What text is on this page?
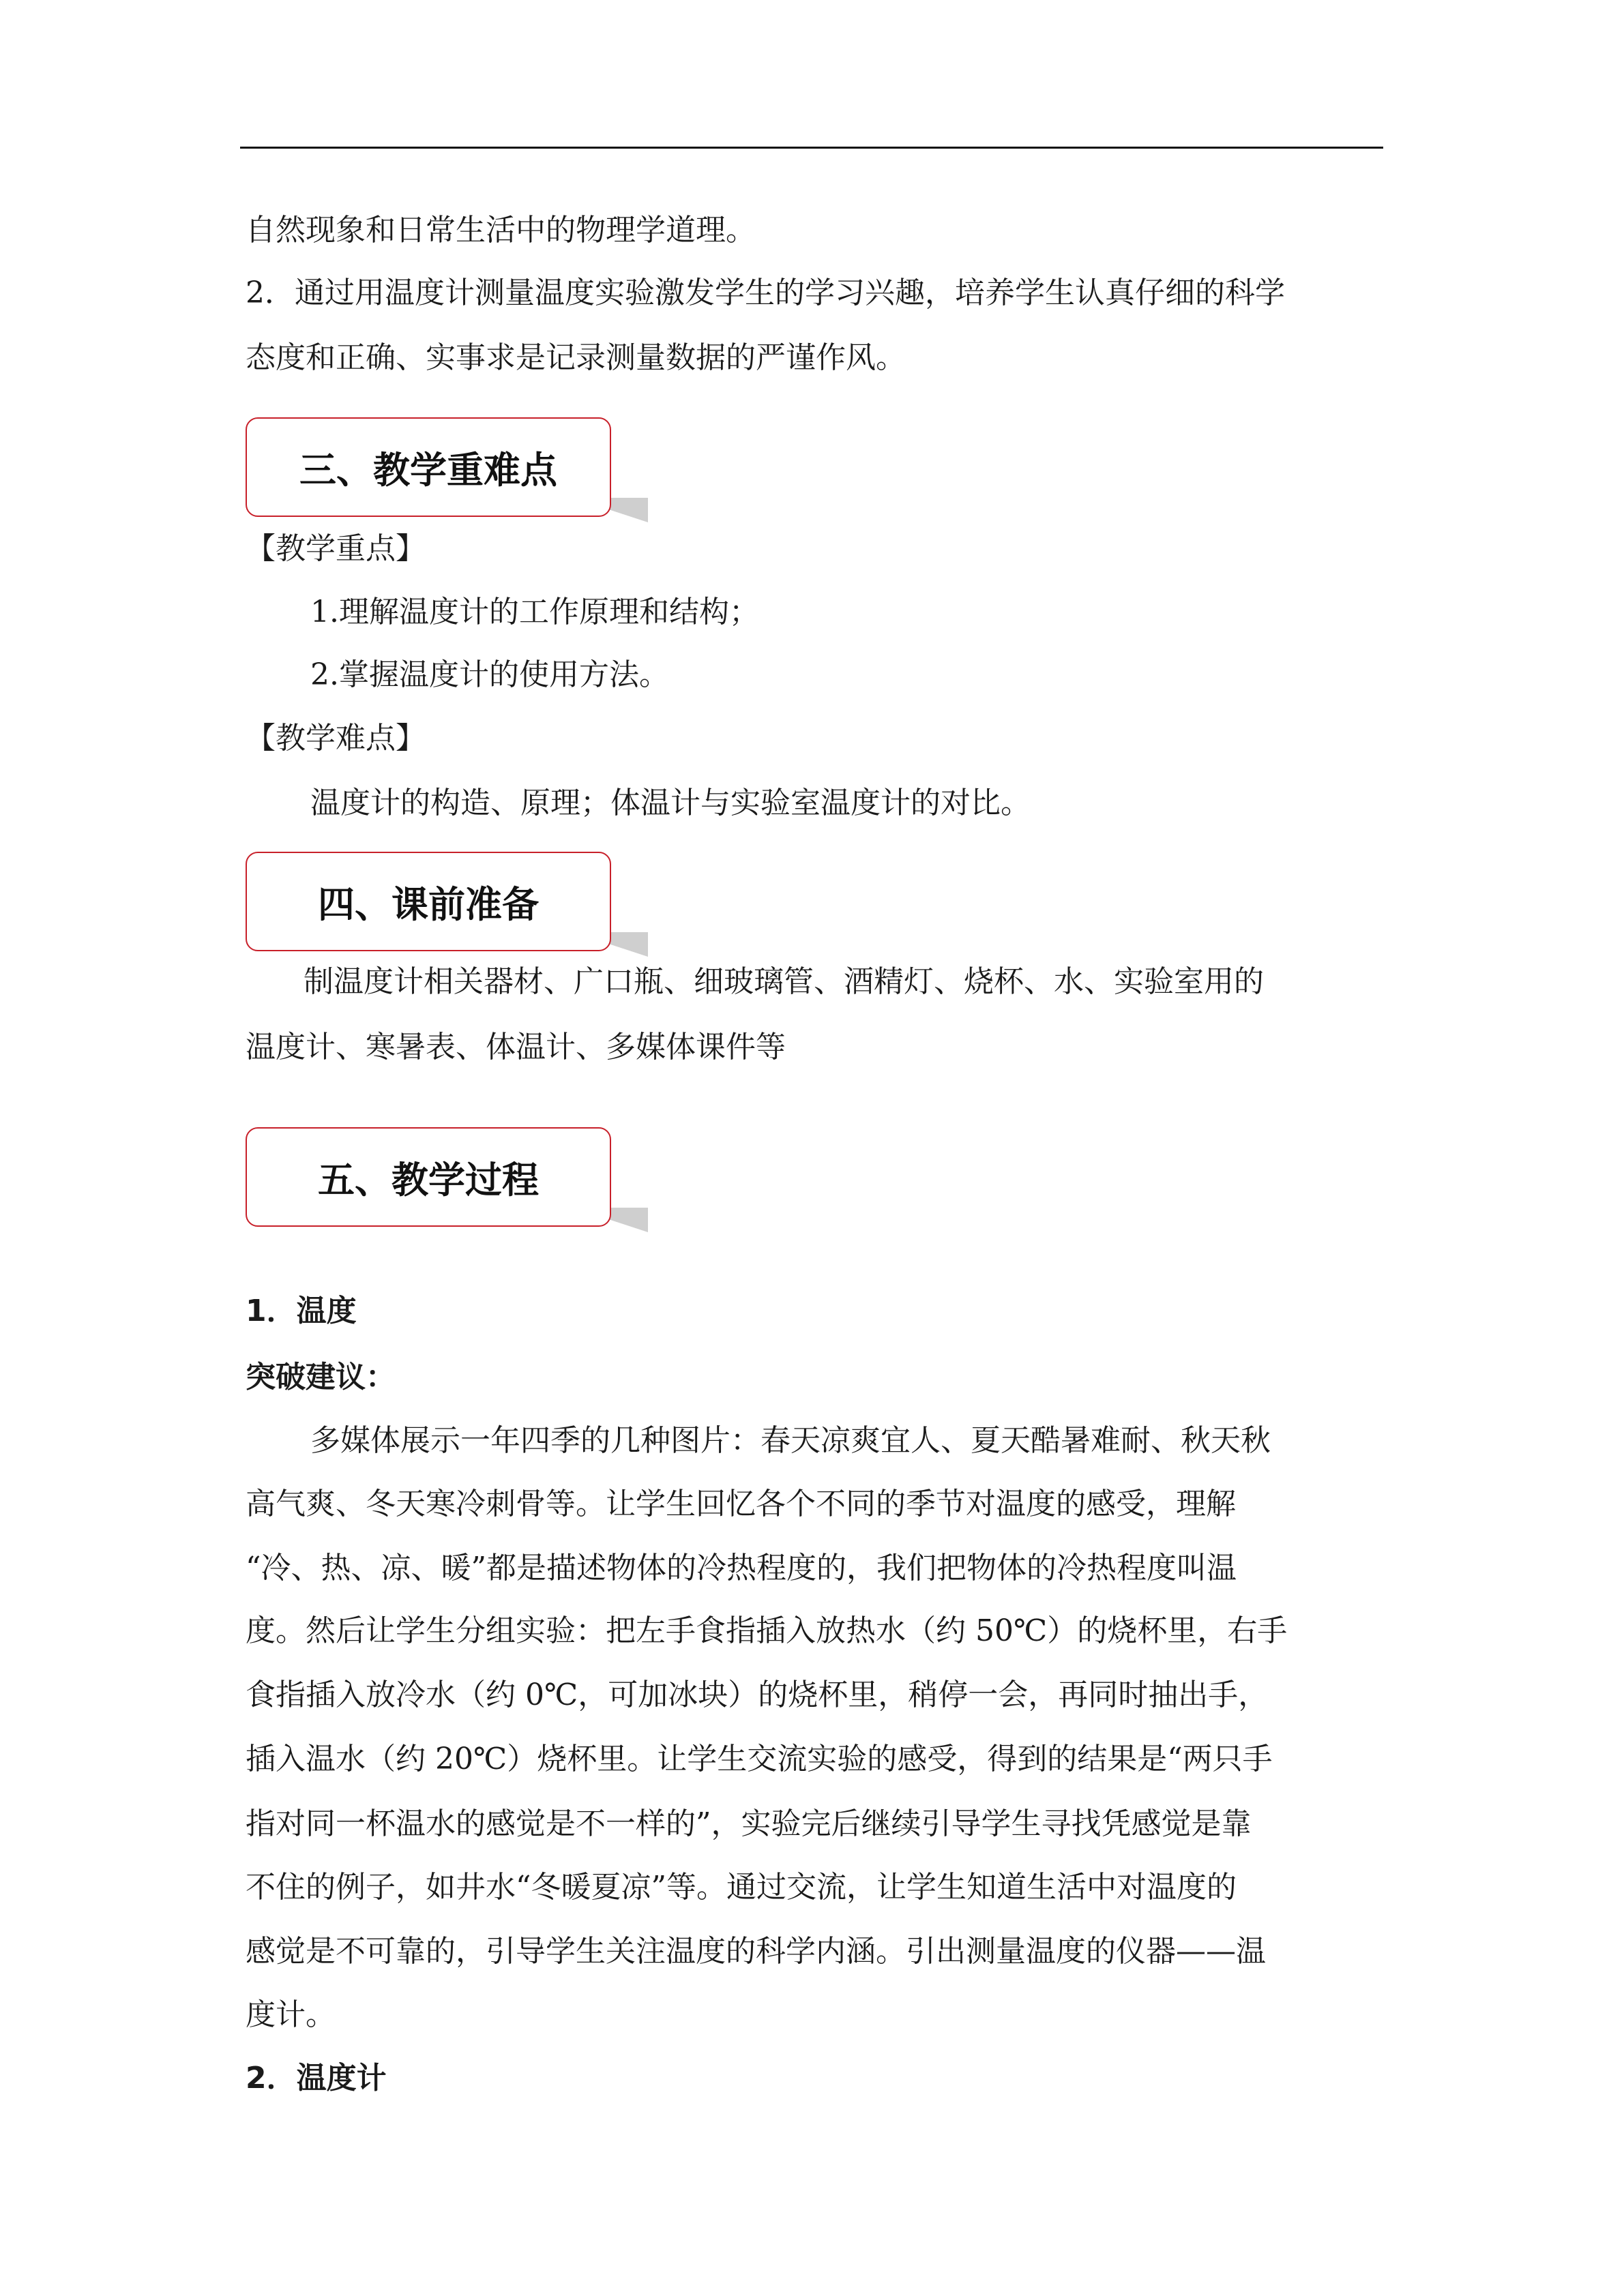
自然现象和日常生活中的物理学道理。
2．通过用温度计测量温度实验激发学生的学习兴趣，培养学生认真仔细的科学
态度和正确、实事求是记录测量数据的严谨作风。
三、教学重难点
【教学重点】
1.理解温度计的工作原理和结构；
2.掌握温度计的使用方法。
【教学难点】
温度计的构造、原理；体温计与实验室温度计的对比。
四、课前准备
制温度计相关器材、广口瓶、细玻璃管、酒精灯、烧杯、水、实验室用的
温度计、寒暑表、体温计、多媒体课件等
五、教学过程
1．温度
突破建议：
多媒体展示一年四季的几种图片：春天凉爽宜人、夏天酷暑难耐、秋天秋
高气爽、冬天寒冷刺骨等。让学生回忆各个不同的季节对温度的感受，理解
“冷、热、凉、暖”都是描述物体的冷热程度的，我们把物体的冷热程度叫温
度。然后让学生分组实验：把左手食指插入放热水（约 50℃）的烧杯里，右手
食指插入放冷水（约 0℃，可加冰块）的烧杯里，稍停一会，再同时抽出手，
插入温水（约 20℃）烧杯里。让学生交流实验的感受，得到的结果是“两只手
指对同一杯温水的感觉是不一样的”，实验完后继续引导学生寻找凭感觉是靠
不住的例子，如井水“冬暖夏凉”等。通过交流，让学生知道生活中对温度的
感觉是不可靠的，引导学生关注温度的科学内涵。引出测量温度的仪器——温
度计。
2．温度计
